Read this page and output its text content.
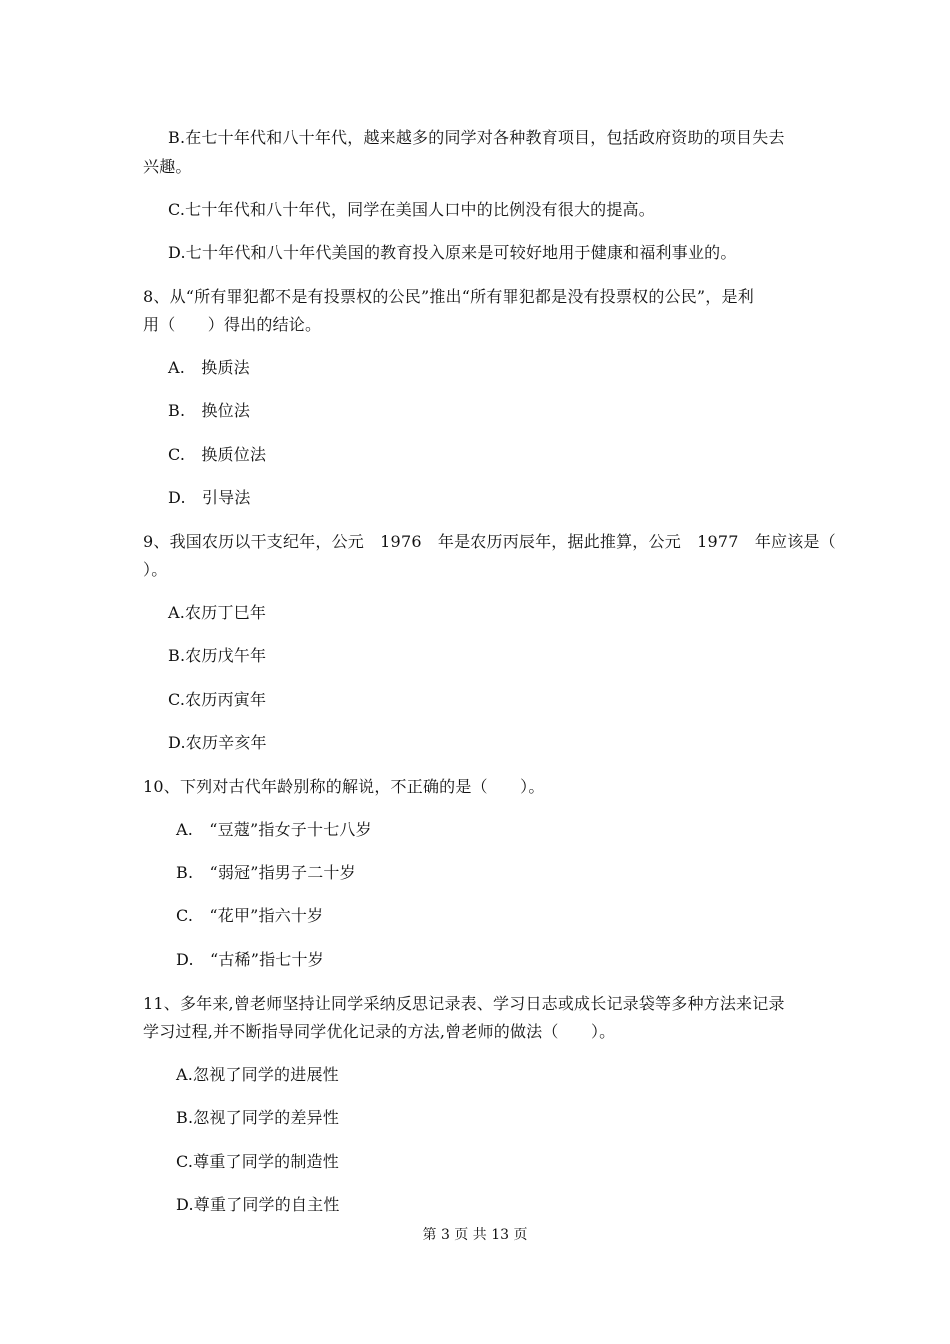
B.在七十年代和八十年代，越来越多的同学对各种教育项目，包括政府资助的项目失去
兴趣。
C.七十年代和八十年代，同学在美国人口中的比例没有很大的提高。
D.七十年代和八十年代美国的教育投入原来是可较好地用于健康和福利事业的。
8、从“所有罪犯都不是有投票权的公民”推出“所有罪犯都是没有投票权的公民”，是利
用（　　）得出的结论。
A.　换质法
B.　换位法
C.　换质位法
D.　引导法
9、我国农历以干支纪年，公元　1976　年是农历丙辰年，据此推算，公元　1977　年应该是（
）。
A.农历丁巳年
B.农历戊午年
C.农历丙寅年
D.农历辛亥年
10、下列对古代年龄别称的解说，不正确的是（　　）。
A.　“豆蔻”指女子十七八岁
B.　“弱冠”指男子二十岁
C.　“花甲”指六十岁
D.　“古稀”指七十岁
11、多年来,曾老师坚持让同学采纳反思记录表、学习日志或成长记录袋等多种方法来记录
学习过程,并不断指导同学优化记录的方法,曾老师的做法（　　）。
A.忽视了同学的进展性
B.忽视了同学的差异性
C.尊重了同学的制造性
D.尊重了同学的自主性
第 3 页 共 13 页
